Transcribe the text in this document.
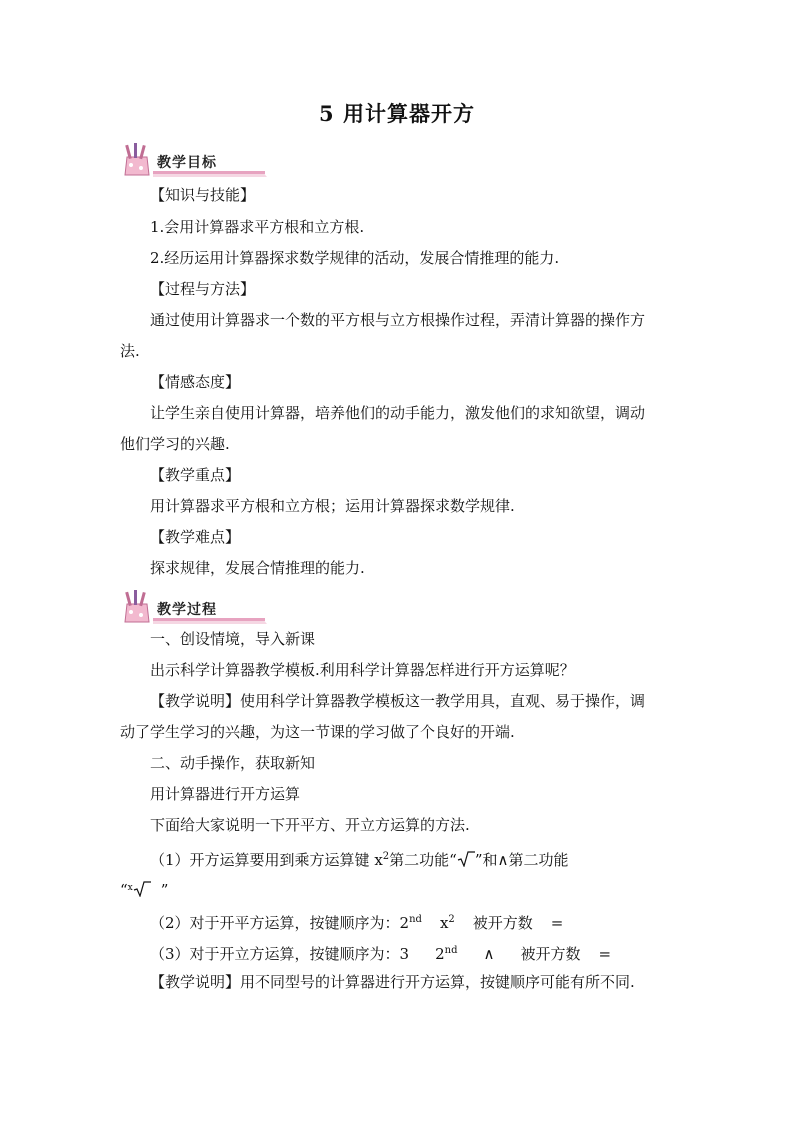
5 用计算器开方
教学目标
【知识与技能】
1.会用计算器求平方根和立方根.
2.经历运用计算器探求数学规律的活动，发展合情推理的能力.
【过程与方法】
通过使用计算器求一个数的平方根与立方根操作过程，弄清计算器的操作方
法.
【情感态度】
让学生亲自使用计算器，培养他们的动手能力，激发他们的求知欲望，调动
他们学习的兴趣.
【教学重点】
用计算器求平方根和立方根；运用计算器探求数学规律.
【教学难点】
探求规律，发展合情推理的能力.
教学过程
一、创设情境，导入新课
出示科学计算器教学模板.利用科学计算器怎样进行开方运算呢？
【教学说明】使用科学计算器教学模板这一教学用具，直观、易于操作，调
动了学生学习的兴趣，为这一节课的学习做了个良好的开端.
二、动手操作，获取新知
用计算器进行开方运算
下面给大家说明一下开平方、开立方运算的方法.
（1）开方运算要用到乘方运算键 $x^2$第二功能“ ”和∧第二功能
“$^x$ ”
（2）对于开平方运算，按键顺序为：2nd $x^2$ 被开方数 =
（3）对于开立方运算，按键顺序为：3 2nd ∧ 被开方数 =
【教学说明】用不同型号的计算器进行开方运算，按键顺序可能有所不同.
